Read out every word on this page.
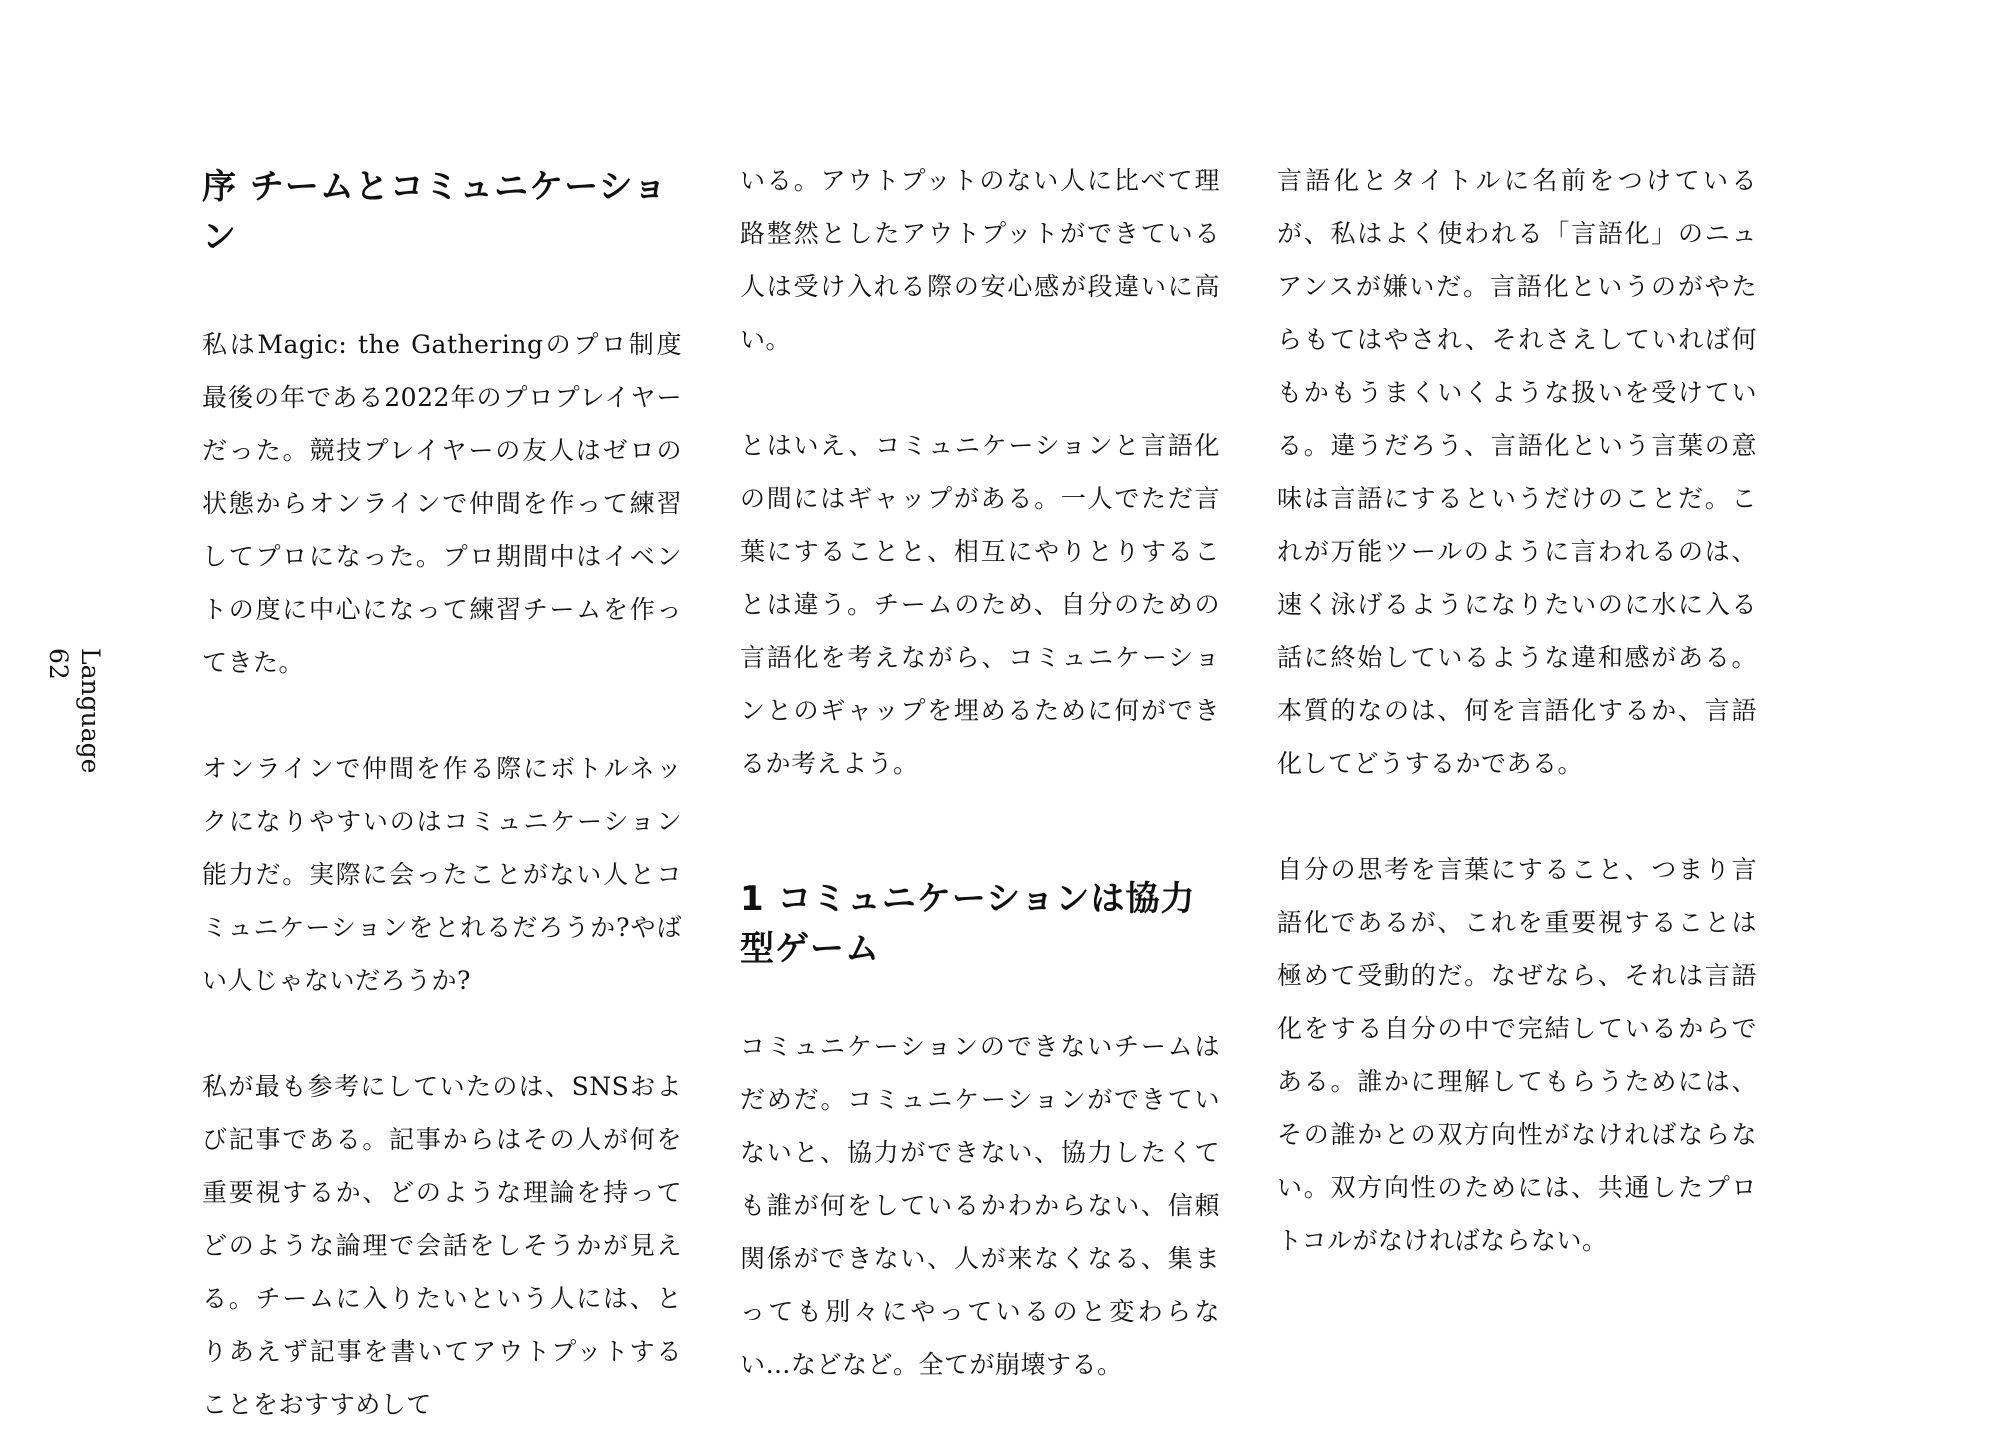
Language
62
序 チームとコミュニケーション

私はMagic: the Gatheringのプロ制度最後の年である2022年のプロプレイヤーだった。競技プレイヤーの友人はゼロの状態からオンラインで仲間を作って練習してプロになった。プロ期間中はイベントの度に中心になって練習チームを作ってきた。

オンラインで仲間を作る際にボトルネックになりやすいのはコミュニケーション能力だ。実際に会ったことがない人とコミュニケーションをとれるだろうか?やばい人じゃないだろうか?

私が最も参考にしていたのは、SNSおよび記事である。記事からはその人が何を重要視するか、どのような理論を持ってどのような論理で会話をしそうかが見える。チームに入りたいという人には、とりあえず記事を書いてアウトプットすることをおすすめして

いる。アウトプットのない人に比べて理路整然としたアウトプットができている人は受け入れる際の安心感が段違いに高い。

とはいえ、コミュニケーションと言語化の間にはギャップがある。一人でただ言葉にすることと、相互にやりとりすることは違う。チームのため、自分のための言語化を考えながら、コミュニケーションとのギャップを埋めるために何ができるか考えよう。

1 コミュニケーションは協力型ゲーム

コミュニケーションのできないチームはだめだ。コミュニケーションができていないと、協力ができない、協力したくても誰が何をしているかわからない、信頼関係ができない、人が来なくなる、集まっても別々にやっているのと変わらない…などなど。全てが崩壊する。

言語化とタイトルに名前をつけているが、私はよく使われる「言語化」のニュアンスが嫌いだ。言語化というのがやたらもてはやされ、それさえしていれば何もかもうまくいくような扱いを受けている。違うだろう、言語化という言葉の意味は言語にするというだけのことだ。これが万能ツールのように言われるのは、速く泳げるようになりたいのに水に入る話に終始しているような違和感がある。本質的なのは、何を言語化するか、言語化してどうするかである。

自分の思考を言葉にすること、つまり言語化であるが、これを重要視することは極めて受動的だ。なぜなら、それは言語化をする自分の中で完結しているからである。誰かに理解してもらうためには、その誰かとの双方向性がなければならない。双方向性のためには、共通したプロトコルがなければならない。
